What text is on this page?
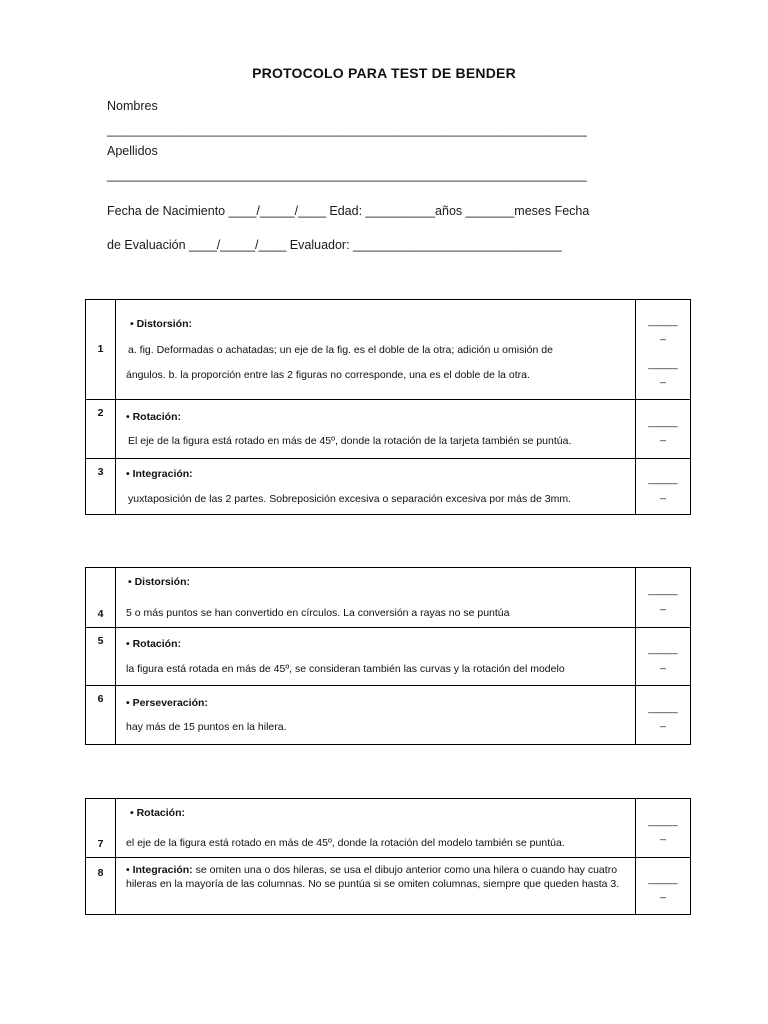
PROTOCOLO PARA TEST DE BENDER
Nombres
_____________________________________________________________________
Apellidos
_____________________________________________________________________
Fecha de Nacimiento ____/_____/____ Edad: __________años _______meses Fecha
de Evaluación ____/_____/____ Evaluador: ______________________________
1	• Distorsión:
a. fig. Deformadas o achatadas; un eje de la fig. es el doble de la otra; adición u omisión de
ángulos. b. la proporción entre las 2 figuras no corresponde, una es el doble de la otra.	_____
_

_____
_
2	• Rotación:
El eje de la figura está rotado en más de 45º, donde la rotación de la tarjeta también se puntúa.	_____
_
3	• Integración:
yuxtaposición de las 2 partes. Sobreposición excesiva o separación excesiva por más de 3mm.	_____
_
4	• Distorsión:
5 o más puntos se han convertido en círculos. La conversión a rayas no se puntúa	_____
_
5	• Rotación:
la figura está rotada en más de 45º, se consideran también las curvas y la rotación del modelo	_____
_
6	• Perseveración:
hay más de 15 puntos en la hilera.	_____
_
7	• Rotación:
el eje de la figura está rotado en más de 45º, donde la rotación del modelo también se puntúa.	_____
_
8	• Integración: se omiten una o dos hileras, se usa el dibujo anterior como una hilera o cuando hay cuatro hileras en la mayoría de las columnas. No se puntúa si se omiten columnas, siempre que queden hasta 3.	_____
_
